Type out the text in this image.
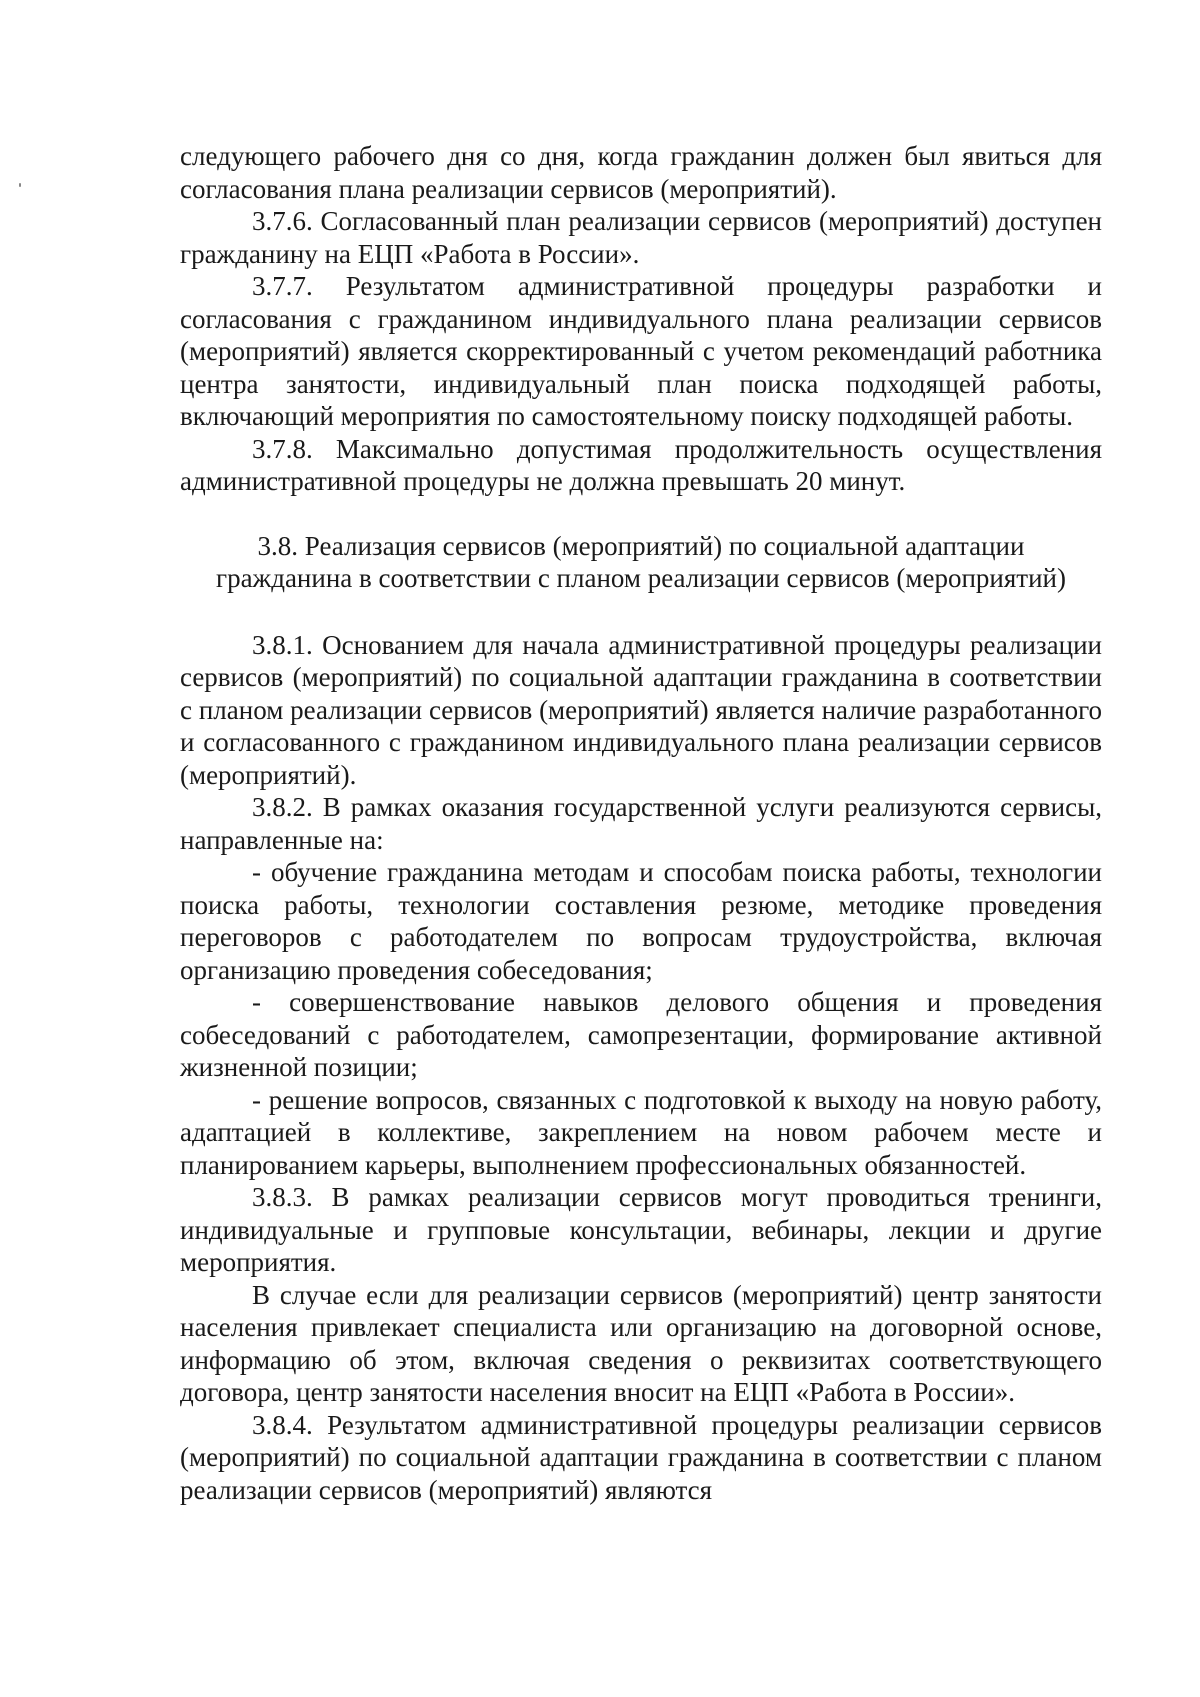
следующего рабочего дня со дня, когда гражданин должен был явиться для согласования плана реализации сервисов (мероприятий).

3.7.6. Согласованный план реализации сервисов (мероприятий) доступен гражданину на ЕЦП «Работа в России».

3.7.7. Результатом административной процедуры разработки и согласования с гражданином индивидуального плана реализации сервисов (мероприятий) является скорректированный с учетом рекомендаций работника центра занятости, индивидуальный план поиска подходящей работы, включающий мероприятия по самостоятельному поиску подходящей работы.

3.7.8. Максимально допустимая продолжительность осуществления административной процедуры не должна превышать 20 минут.

3.8. Реализация сервисов (мероприятий) по социальной адаптации

гражданина в соответствии с планом реализации сервисов (мероприятий)

3.8.1. Основанием для начала административной процедуры реализации сервисов (мероприятий) по социальной адаптации гражданина в соответствии с планом реализации сервисов (мероприятий) является наличие разработанного и согласованного с гражданином индивидуального плана реализации сервисов (мероприятий).

3.8.2. В рамках оказания государственной услуги реализуются сервисы, направленные на:

- обучение гражданина методам и способам поиска работы, технологии поиска работы, технологии составления резюме, методике проведения переговоров с работодателем по вопросам трудоустройства, включая организацию проведения собеседования;

- совершенствование навыков делового общения и проведения собеседований с работодателем, самопрезентации, формирование активной жизненной позиции;

- решение вопросов, связанных с подготовкой к выходу на новую работу, адаптацией в коллективе, закреплением на новом рабочем месте и планированием карьеры, выполнением профессиональных обязанностей.

3.8.3. В рамках реализации сервисов могут проводиться тренинги, индивидуальные и групповые консультации, вебинары, лекции и другие мероприятия.

В случае если для реализации сервисов (мероприятий) центр занятости населения привлекает специалиста или организацию на договорной основе, информацию об этом, включая сведения о реквизитах соответствующего договора, центр занятости населения вносит на ЕЦП «Работа в России».

3.8.4. Результатом административной процедуры реализации сервисов (мероприятий) по социальной адаптации гражданина в соответствии с планом реализации сервисов (мероприятий) являются
